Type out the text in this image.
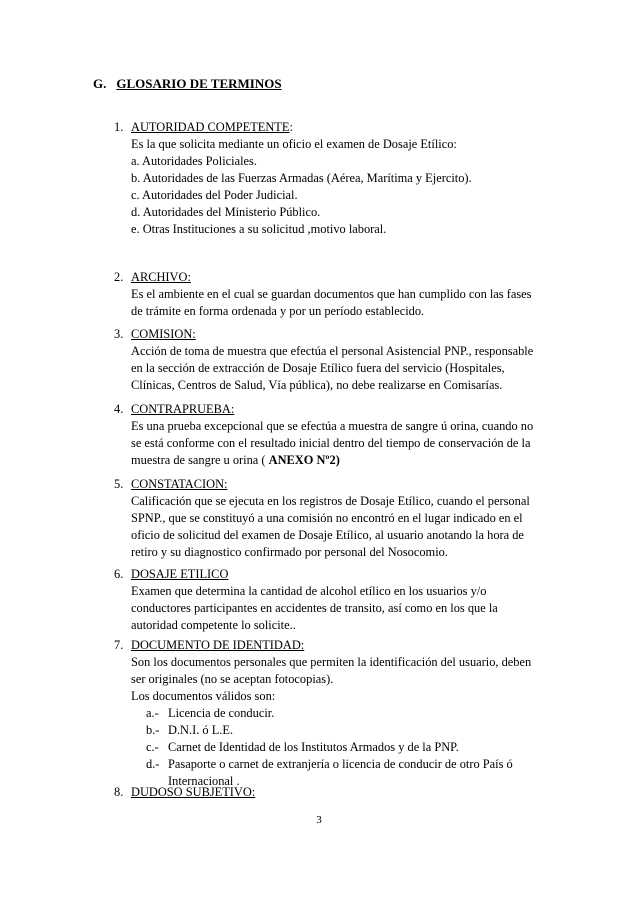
G. GLOSARIO DE TERMINOS
1. AUTORIDAD COMPETENTE:
Es la que solicita mediante un oficio el examen de Dosaje Etílico:
a. Autoridades Policiales.
b. Autoridades de las Fuerzas Armadas (Aérea, Marítima y Ejercito).
c. Autoridades del Poder Judicial.
d. Autoridades del Ministerio Público.
e. Otras Instituciones a su solicitud ,motivo laboral.
2. ARCHIVO:

Es el ambiente en el cual se guardan documentos que han cumplido con las fases

de trámite en forma ordenada y por un período establecido.

3. COMISION:

Acción de toma de muestra que efectúa el personal Asistencial PNP., responsable

en la sección de extracción de Dosaje Etílico fuera del servicio (Hospitales,

Clínicas, Centros de Salud, Vía pública), no debe realizarse en Comisarías.

4. CONTRAPRUEBA:

Es una prueba excepcional que se efectúa a muestra de sangre ú orina, cuando no

se está conforme con el resultado inicial dentro del tiempo de conservación de la

muestra de sangre u orina ( ANEXO Nº2)

5. CONSTATACION:

Calificación que se ejecuta en los registros de Dosaje Etílico, cuando el personal

SPNP., que se constituyó a una comisión no encontró en el lugar indicado en el

oficio de solicitud del examen de Dosaje Etílico, al usuario anotando la hora de

retiro y su diagnostico confirmado por personal del Nosocomio.

6. DOSAJE ETILICO

Examen que determina la cantidad de alcohol etílico en los usuarios y/o

conductores participantes en accidentes de transito, así como en los que la

autoridad competente lo solicite..

7. DOCUMENTO DE IDENTIDAD:

Son los documentos personales que permiten la identificación del usuario, deben

ser originales (no se aceptan fotocopias).

Los documentos válidos son:
a.- Licencia de conducir.
b.- D.N.I. ó L.E.
c.- Carnet de Identidad de los Institutos Armados y de la PNP.
d.- Pasaporte o carnet de extranjería o licencia de conducir de otro País ó
Internacional .
8. DUDOSO SUBJETIVO:
3
